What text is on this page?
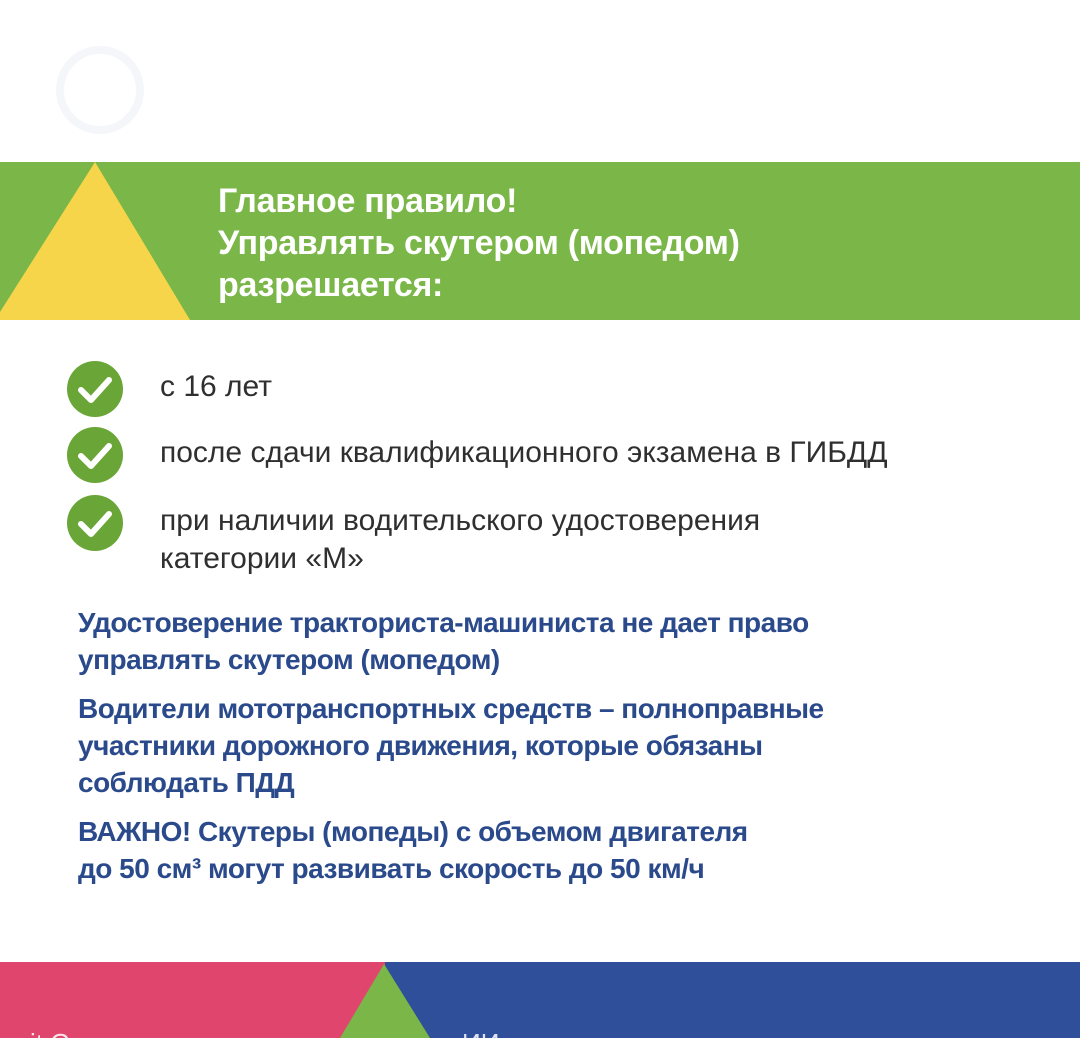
Главное правило!
Управлять скутером (мопедом)
разрешается:
с 16 лет
после сдачи квалификационного экзамена в ГИБДД
при наличии водительского удостоверения
категории «М»
Удостоверение тракториста-машиниста не дает право
управлять скутером (мопедом)
Водители мототранспортных средств – полноправные
участники дорожного движения, которые обязаны
соблюдать ПДД
ВАЖНО! Скутеры (мопеды) с объемом двигателя
до 50 см³ могут развивать скорость до 50 км/ч
it.G	ИИ
